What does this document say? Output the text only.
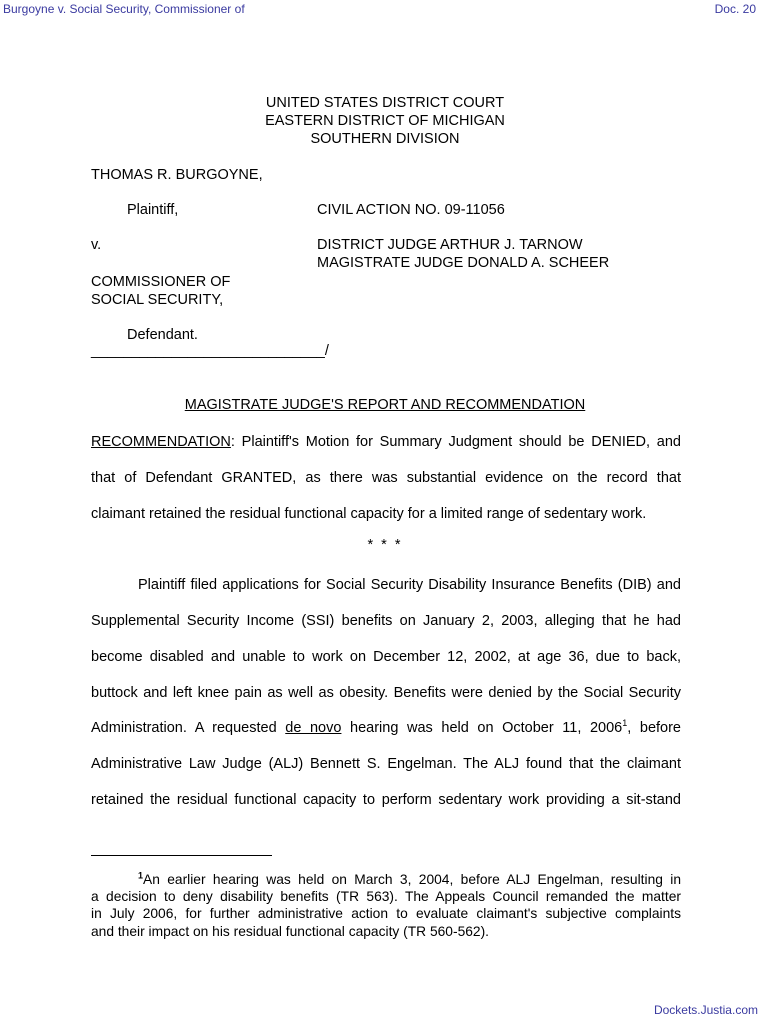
Burgoyne v. Social Security, Commissioner of	Doc. 20
UNITED STATES DISTRICT COURT
EASTERN DISTRICT OF MICHIGAN
SOUTHERN DIVISION
THOMAS R. BURGOYNE,
Plaintiff,	CIVIL ACTION NO. 09-11056
v.	DISTRICT JUDGE ARTHUR J. TARNOW
MAGISTRATE JUDGE DONALD A. SCHEER
COMMISSIONER OF
SOCIAL SECURITY,
Defendant.
_____________________________/
MAGISTRATE JUDGE'S REPORT AND RECOMMENDATION
RECOMMENDATION: Plaintiff's Motion for Summary Judgment should be DENIED, and
that of Defendant GRANTED, as there was substantial evidence on the record that
claimant retained the residual functional capacity for a limited range of sedentary work.
* * *
Plaintiff filed applications for Social Security Disability Insurance Benefits (DIB) and
Supplemental Security Income (SSI) benefits on January 2, 2003, alleging that he had
become disabled and unable to work on December 12, 2002, at age 36, due to back,
buttock and left knee pain as well as obesity. Benefits were denied by the Social Security
Administration. A requested de novo hearing was held on October 11, 2006$^1$, before
Administrative Law Judge (ALJ) Bennett S. Engelman. The ALJ found that the claimant
retained the residual functional capacity to perform sedentary work providing a sit-stand
$^1$An earlier hearing was held on March 3, 2004, before ALJ Engelman, resulting in
a decision to deny disability benefits (TR 563). The Appeals Council remanded the matter
in July 2006, for further administrative action to evaluate claimant's subjective complaints
and their impact on his residual functional capacity (TR 560-562).
Dockets.Justia.com
